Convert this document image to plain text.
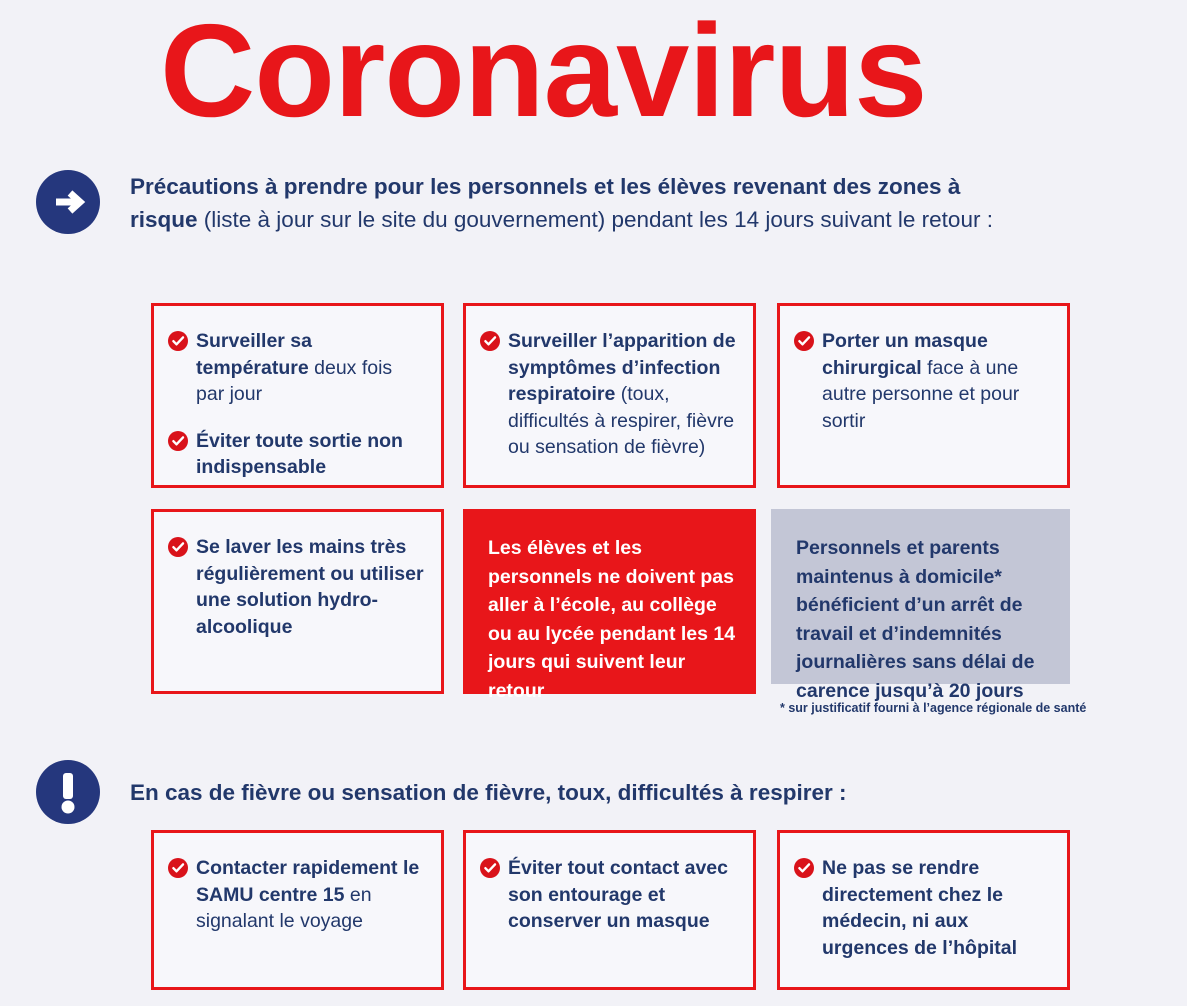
Coronavirus
Précautions à prendre pour les personnels et les élèves revenant des zones à risque (liste à jour sur le site du gouvernement) pendant les 14 jours suivant le retour :
Surveiller sa température deux fois par jour
Éviter toute sortie non indispensable
Surveiller l’apparition de symptômes d’infection respiratoire (toux, difficultés à respirer, fièvre ou sensation de fièvre)
Porter un masque chirurgical face à une autre personne et pour sortir
Se laver les mains très régulièrement ou utiliser une solution hydro-alcoolique
Les élèves et les personnels ne doivent pas aller à l’école, au collège ou au lycée pendant les 14 jours qui suivent leur retour
Personnels et parents maintenus à domicile* bénéficient d’un arrêt de travail et d’indemnités journalières sans délai de carence jusqu’à 20 jours
* sur justificatif fourni à l’agence régionale de santé
En cas de fièvre ou sensation de fièvre, toux, difficultés à respirer :
Contacter rapidement le SAMU centre 15 en signalant le voyage
Éviter tout contact avec son entourage et conserver un masque
Ne pas se rendre directement chez le médecin, ni aux urgences de l’hôpital
